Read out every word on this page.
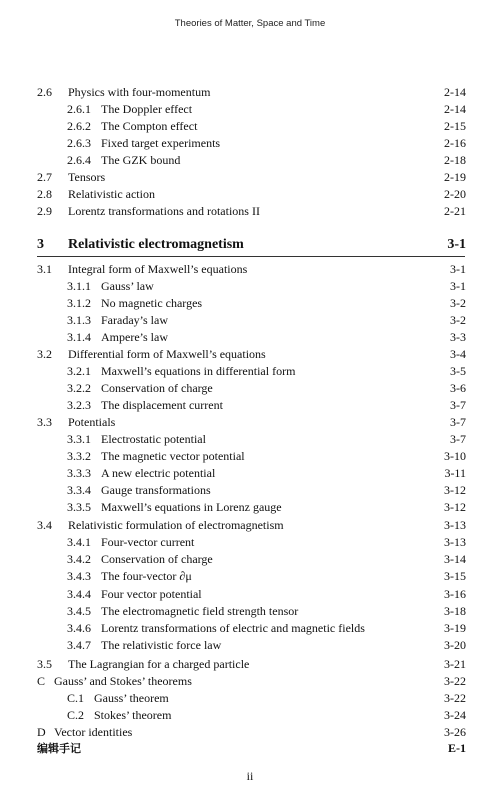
Theories of Matter, Space and Time
2.6 Physics with four-momentum	2-14
2.6.1 The Doppler effect	2-14
2.6.2 The Compton effect	2-15
2.6.3 Fixed target experiments	2-16
2.6.4 The GZK bound	2-18
2.7 Tensors	2-19
2.8 Relativistic action	2-20
2.9 Lorentz transformations and rotations II	2-21
3 Relativistic electromagnetism	3-1
3.1 Integral form of Maxwell’s equations	3-1
3.1.1 Gauss’ law	3-1
3.1.2 No magnetic charges	3-2
3.1.3 Faraday’s law	3-2
3.1.4 Ampere’s law	3-3
3.2 Differential form of Maxwell’s equations	3-4
3.2.1 Maxwell’s equations in differential form	3-5
3.2.2 Conservation of charge	3-6
3.2.3 The displacement current	3-7
3.3 Potentials	3-7
3.3.1 Electrostatic potential	3-7
3.3.2 The magnetic vector potential	3-10
3.3.3 A new electric potential	3-11
3.3.4 Gauge transformations	3-12
3.3.5 Maxwell’s equations in Lorenz gauge	3-12
3.4 Relativistic formulation of electromagnetism	3-13
3.4.1 Four-vector current	3-13
3.4.2 Conservation of charge	3-14
3.4.3 The four-vector ∂μ	3-15
3.4.4 Four vector potential	3-16
3.4.5 The electromagnetic field strength tensor	3-18
3.4.6 Lorentz transformations of electric and magnetic fields	3-19
3.4.7 The relativistic force law	3-20
3.5 The Lagrangian for a charged particle	3-21
C Gauss’ and Stokes’ theorems	3-22
C.1 Gauss’ theorem	3-22
C.2 Stokes’ theorem	3-24
D Vector identities	3-26
编辑手记	E-1
ii
